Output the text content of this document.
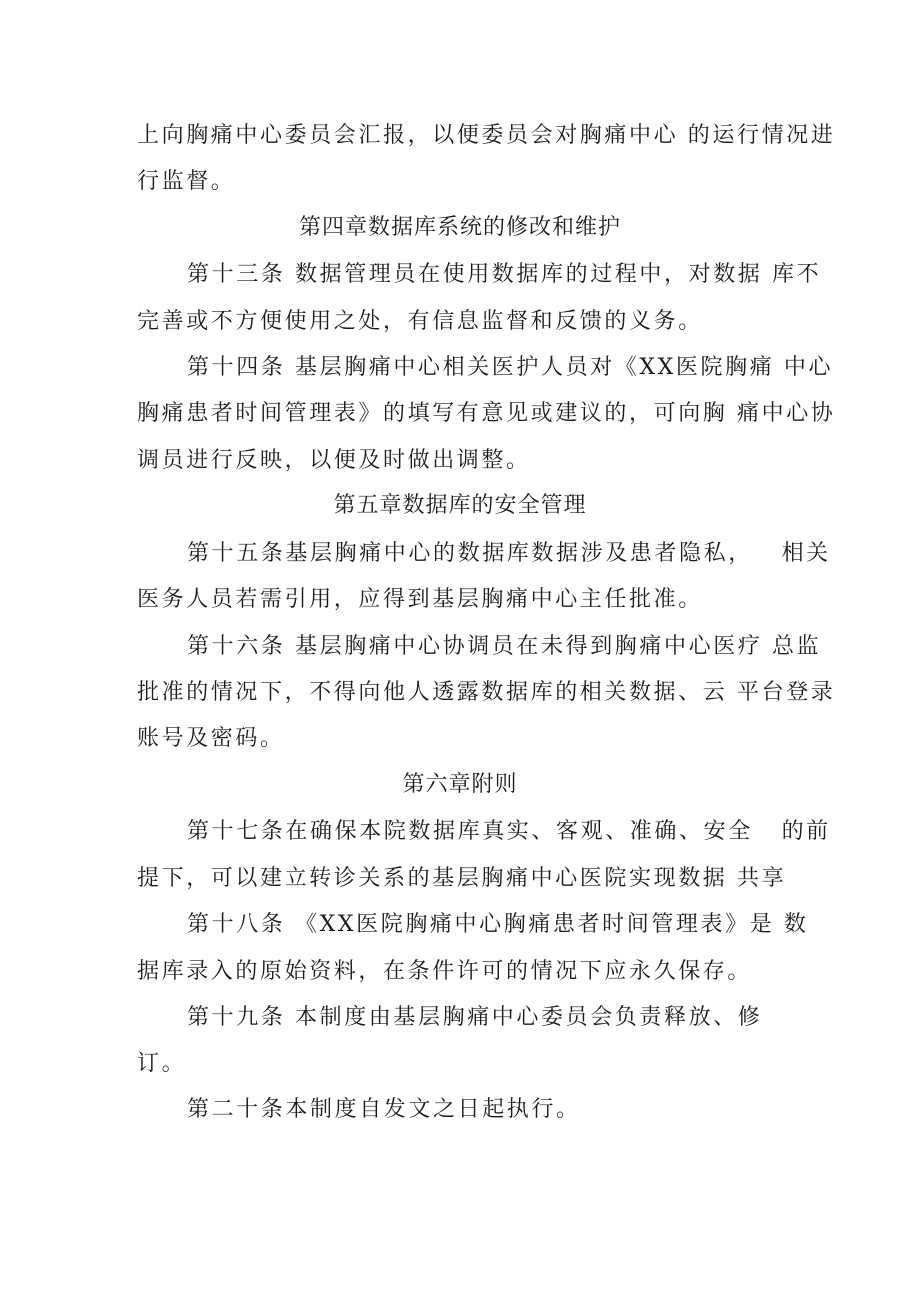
上向胸痛中心委员会汇报，以便委员会对胸痛中心 的运行情况进
行监督。
第四章数据库系统的修改和维护
第十三条 数据管理员在使用数据库的过程中，对数据 库不
完善或不方便使用之处，有信息监督和反馈的义务。
第十四条 基层胸痛中心相关医护人员对《XX医院胸痛 中心
胸痛患者时间管理表》的填写有意见或建议的，可向胸 痛中心协
调员进行反映，以便及时做出调整。
第五章数据库的安全管理
第十五条基层胸痛中心的数据库数据涉及患者隐私，   相关
医务人员若需引用，应得到基层胸痛中心主任批准。
第十六条 基层胸痛中心协调员在未得到胸痛中心医疗 总监
批准的情况下，不得向他人透露数据库的相关数据、云 平台登录
账号及密码。
第六章附则
第十七条在确保本院数据库真实、客观、准确、安全   的前
提下，可以建立转诊关系的基层胸痛中心医院实现数据 共享
第十八条 《XX医院胸痛中心胸痛患者时间管理表》是 数
据库录入的原始资料，在条件许可的情况下应永久保存。
第十九条 本制度由基层胸痛中心委员会负责释放、修
订。
第二十条本制度自发文之日起执行。
